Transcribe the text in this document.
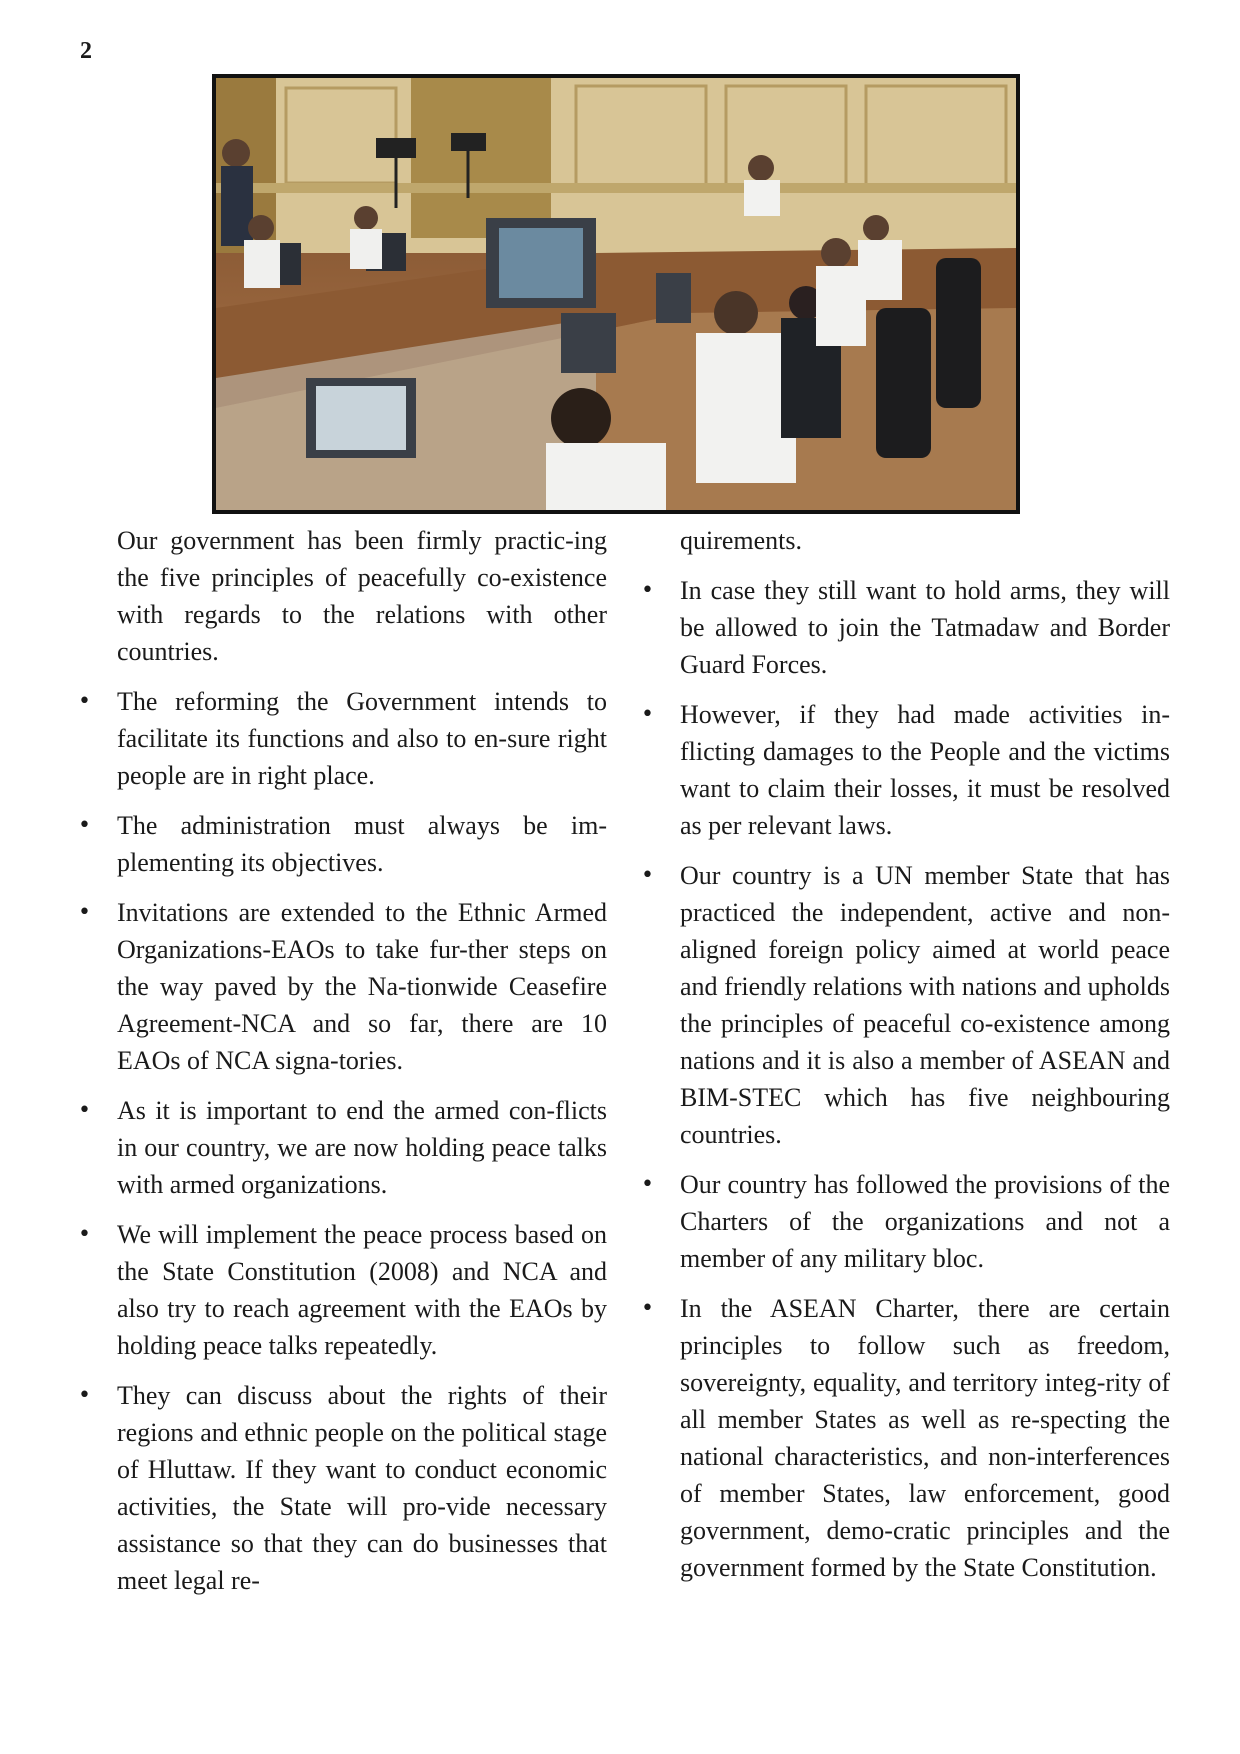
2

Our government has been firmly practic-ing the five principles of peacefully co-existence with regards to the relations with other countries.

• The reforming the Government intends to facilitate its functions and also to en-sure right people are in right place.
• The administration must always be im-plementing its objectives.
• Invitations are extended to the Ethnic Armed Organizations-EAOs to take fur-ther steps on the way paved by the Na-tionwide Ceasefire Agreement-NCA and so far, there are 10 EAOs of NCA signa-tories.
• As it is important to end the armed con-flicts in our country, we are now holding peace talks with armed organizations.
• We will implement the peace process based on the State Constitution (2008) and NCA and also try to reach agreement with the EAOs by holding peace talks repeatedly.
• They can discuss about the rights of their regions and ethnic people on the political stage of Hluttaw. If they want to conduct economic activities, the State will pro-vide necessary assistance so that they can do businesses that meet legal re-

quirements.

• In case they still want to hold arms, they will be allowed to join the Tatmadaw and Border Guard Forces.
• However, if they had made activities in-flicting damages to the People and the victims want to claim their losses, it must be resolved as per relevant laws.
• Our country is a UN member State that has practiced the independent, active and non-aligned foreign policy aimed at world peace and friendly relations with nations and upholds the principles of peaceful co-existence among nations and it is also a member of ASEAN and BIM-STEC which has five neighbouring countries.
• Our country has followed the provisions of the Charters of the organizations and not a member of any military bloc.
• In the ASEAN Charter, there are certain principles to follow such as freedom, sovereignty, equality, and territory integ-rity of all member States as well as re-specting the national characteristics, and non-interferences of member States, law enforcement, good government, demo-cratic principles and the government formed by the State Constitution.
